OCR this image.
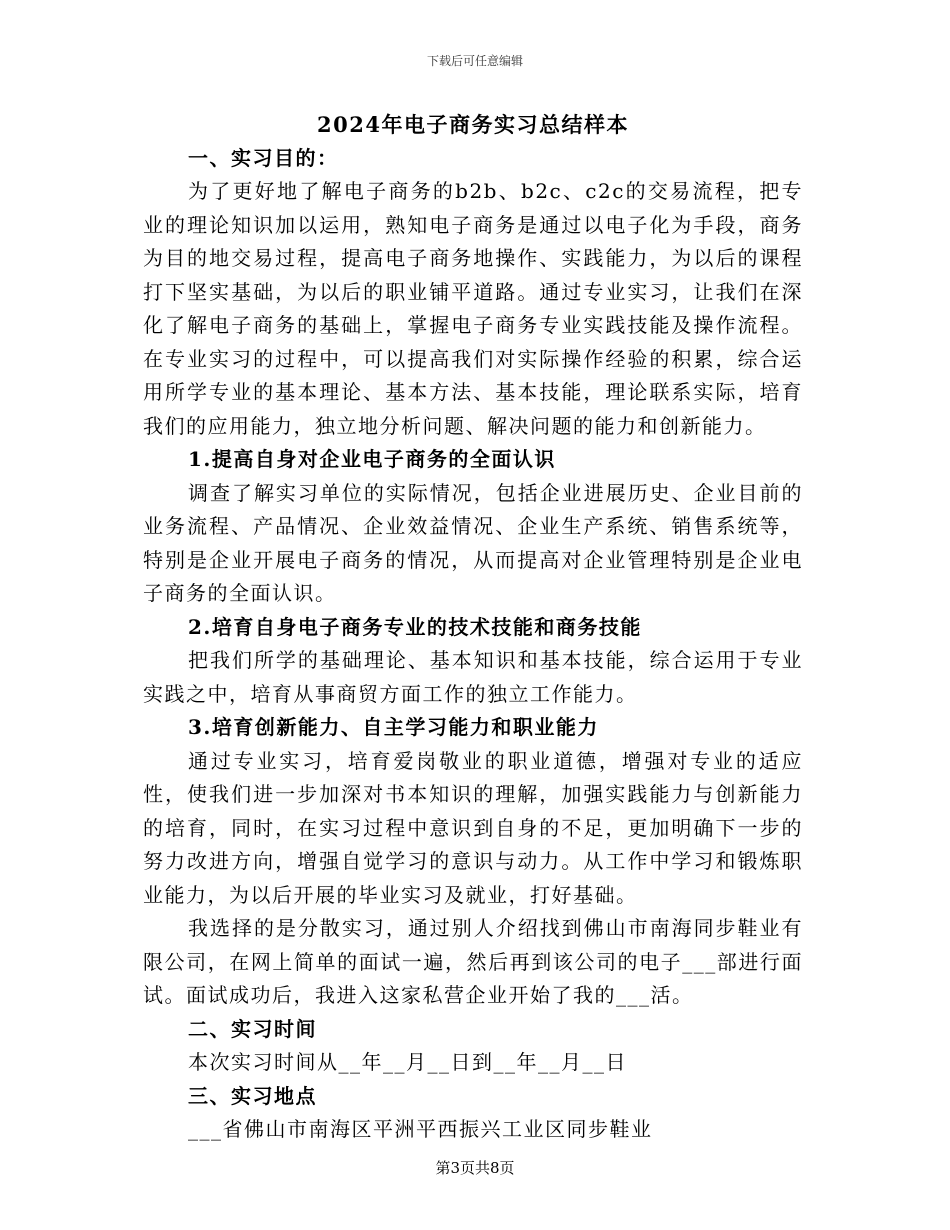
下载后可任意编辑
2024年电子商务实习总结样本
一、实习目的：
为了更好地了解电子商务的b2b、b2c、c2c的交易流程，把专业的理论知识加以运用，熟知电子商务是通过以电子化为手段，商务为目的地交易过程，提高电子商务地操作、实践能力，为以后的课程打下坚实基础，为以后的职业铺平道路。通过专业实习，让我们在深化了解电子商务的基础上，掌握电子商务专业实践技能及操作流程。在专业实习的过程中，可以提高我们对实际操作经验的积累，综合运用所学专业的基本理论、基本方法、基本技能，理论联系实际，培育我们的应用能力，独立地分析问题、解决问题的能力和创新能力。
1.提高自身对企业电子商务的全面认识
调查了解实习单位的实际情况，包括企业进展历史、企业目前的业务流程、产品情况、企业效益情况、企业生产系统、销售系统等，特别是企业开展电子商务的情况，从而提高对企业管理特别是企业电子商务的全面认识。
2.培育自身电子商务专业的技术技能和商务技能
把我们所学的基础理论、基本知识和基本技能，综合运用于专业实践之中，培育从事商贸方面工作的独立工作能力。
3.培育创新能力、自主学习能力和职业能力
通过专业实习，培育爱岗敬业的职业道德，增强对专业的适应性，使我们进一步加深对书本知识的理解，加强实践能力与创新能力的培育，同时，在实习过程中意识到自身的不足，更加明确下一步的努力改进方向，增强自觉学习的意识与动力。从工作中学习和锻炼职业能力，为以后开展的毕业实习及就业，打好基础。
我选择的是分散实习，通过别人介绍找到佛山市南海同步鞋业有限公司，在网上简单的面试一遍，然后再到该公司的电子___部进行面试。面试成功后，我进入这家私营企业开始了我的___活。
二、实习时间
本次实习时间从__年__月__日到__年__月__日
三、实习地点
___省佛山市南海区平洲平西振兴工业区同步鞋业
第3页共8页
